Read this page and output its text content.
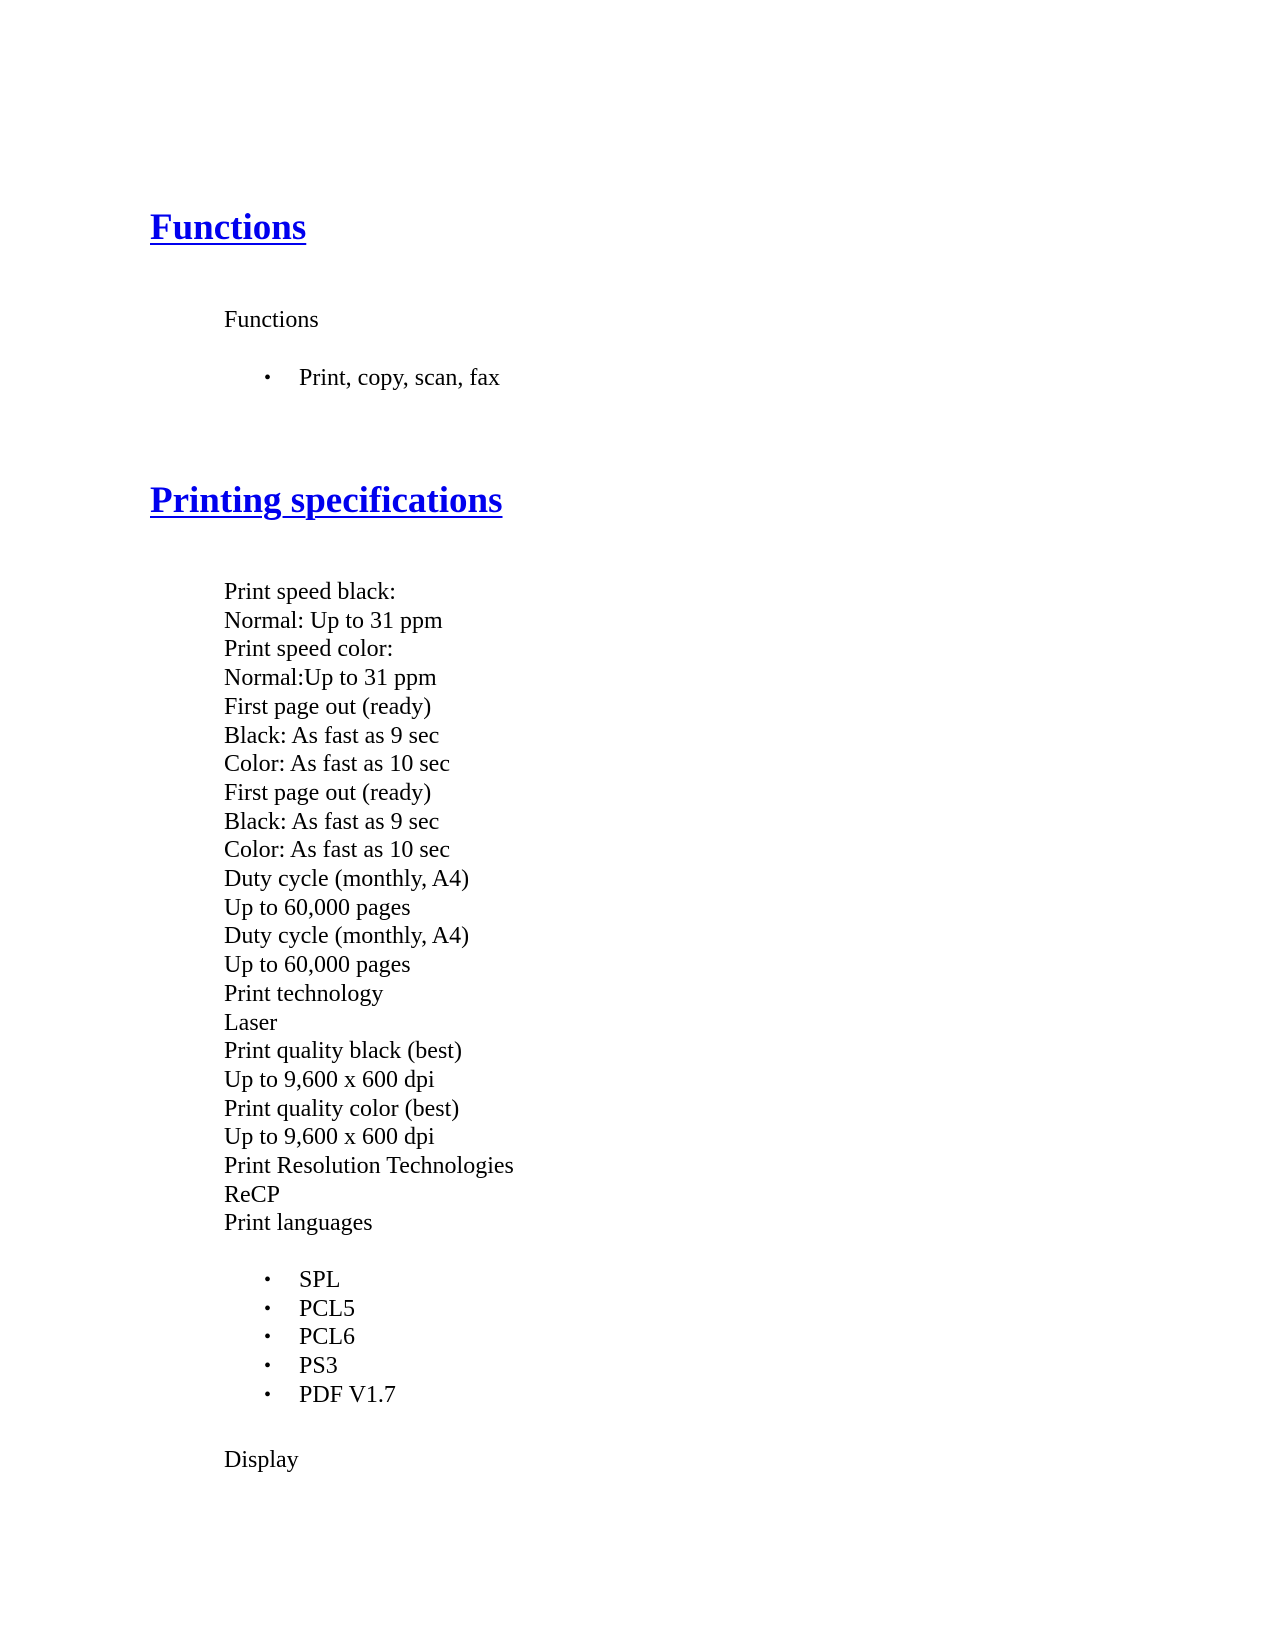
Functions

Functions

• Print, copy, scan, fax
Printing specifications
Print speed black:
Normal: Up to 31 ppm
Print speed color:
Normal:Up to 31 ppm
First page out (ready)
Black: As fast as 9 sec
Color: As fast as 10 sec
First page out (ready)
Black: As fast as 9 sec
Color: As fast as 10 sec
Duty cycle (monthly, A4)
Up to 60,000 pages
Duty cycle (monthly, A4)
Up to 60,000 pages
Print technology
Laser
Print quality black (best)
Up to 9,600 x 600 dpi
Print quality color (best)
Up to 9,600 x 600 dpi
Print Resolution Technologies
ReCP
Print languages
• SPL
• PCL5
• PCL6
• PS3
• PDF V1.7

Display
